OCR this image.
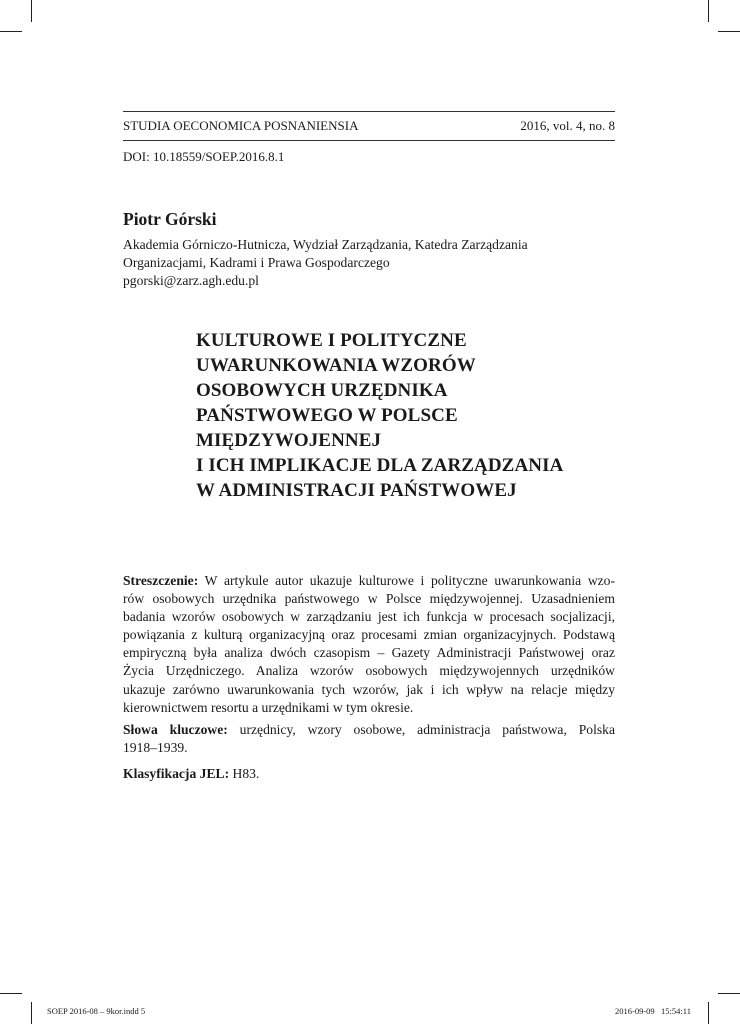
STUDIA OECONOMICA POSNANIENSIA	2016, vol. 4, no. 8
DOI: 10.18559/SOEP.2016.8.1
Piotr Górski
Akademia Górniczo-Hutnicza, Wydział Zarządzania, Katedra Zarządzania
Organizacjami, Kadrami i Prawa Gospodarczego
pgorski@zarz.agh.edu.pl
KULTUROWE I POLITYCZNE
UWARUNKOWANIA WZORÓW
OSOBOWYCH URZĘDNIKA
PAŃSTWOWEGO W POLSCE
MIĘDZYWOJENNEJ
I ICH IMPLIKACJE DLA ZARZĄDZANIA
W ADMINISTRACJI PAŃSTWOWEJ
Streszczenie: W artykule autor ukazuje kulturowe i polityczne uwarunkowania wzo-
rów osobowych urzędnika państwowego w Polsce międzywojennej. Uzasadnieniem
badania wzorów osobowych w zarządzaniu jest ich funkcja w procesach socjalizacji,
powiązania z kulturą organizacyjną oraz procesami zmian organizacyjnych. Podstawą
empiryczną była analiza dwóch czasopism – Gazety Administracji Państwowej oraz
Życia Urzędniczego. Analiza wzorów osobowych międzywojennych urzędników
ukazuje zarówno uwarunkowania tych wzorów, jak i ich wpływ na relacje między
kierownictwem resortu a urzędnikami w tym okresie.
Słowa kluczowe: urzędnicy, wzory osobowe, administracja państwowa, Polska
1918–1939.
Klasyfikacja JEL: H83.
SOEP 2016-08 – 9kor.indd 5	2016-09-09   15:54:11
